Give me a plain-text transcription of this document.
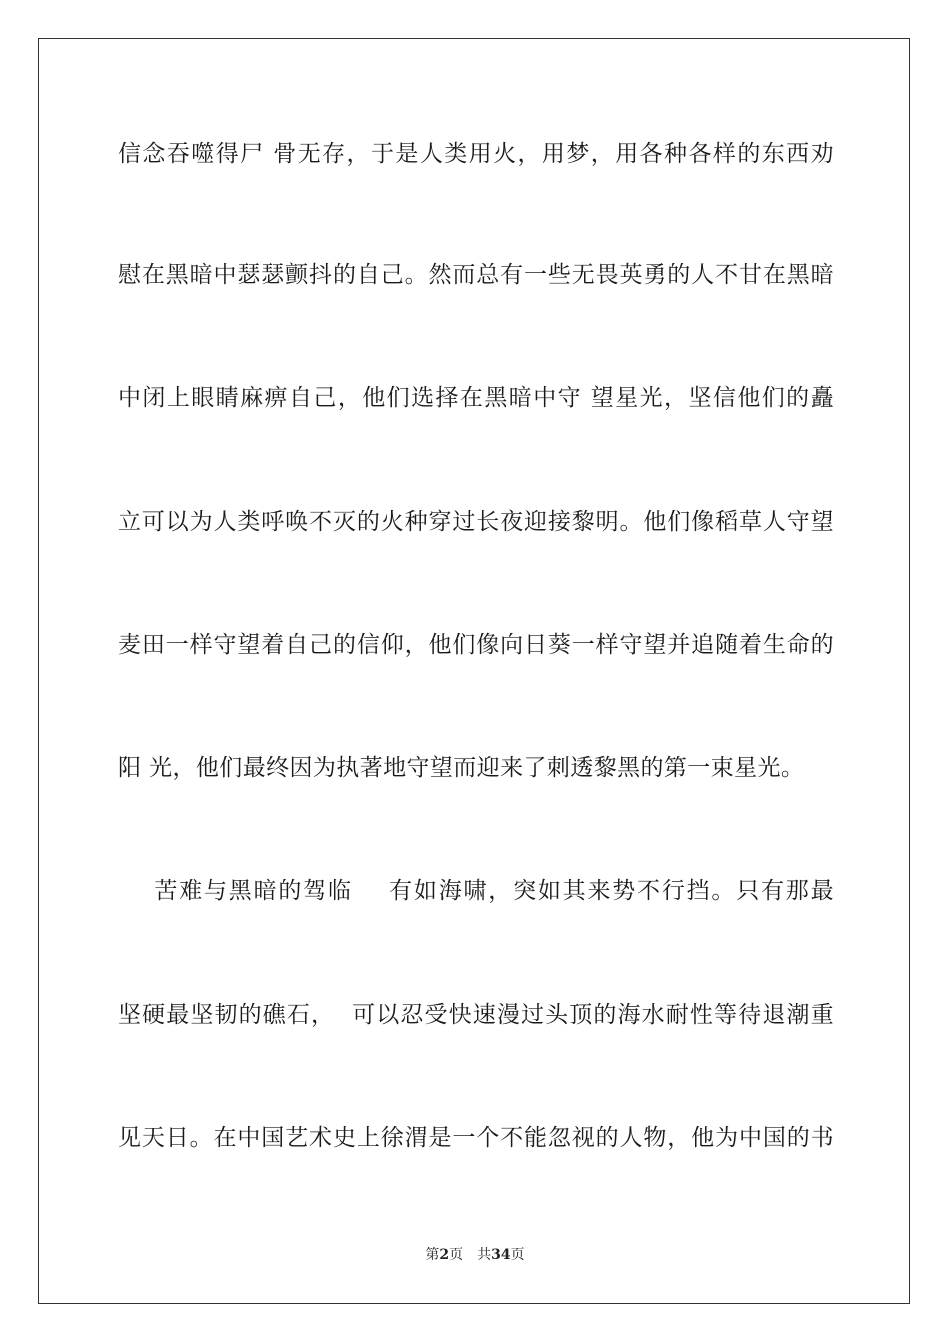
信念吞噬得尸 骨无存，于是人类用火，用梦，用各种各样的东西劝
慰在黑暗中瑟瑟颤抖的自己。然而总有一些无畏英勇的人不甘在黑暗
中闭上眼睛麻痹自己，他们选择在黑暗中守 望星光，坚信他们的矗
立可以为人类呼唤不灭的火种穿过长夜迎接黎明。他们像稻草人守望
麦田一样守望着自己的信仰，他们像向日葵一样守望并追随着生命的
阳 光，他们最终因为执著地守望而迎来了刺透黎黑的第一束星光。
苦难与黑暗的驾临    有如海啸，突如其来势不行挡。只有那最
坚硬最坚韧的礁石，  可以忍受快速漫过头顶的海水耐性等待退潮重
见天日。在中国艺术史上徐渭是一个不能忽视的人物，他为中国的书
第2页 共34页
